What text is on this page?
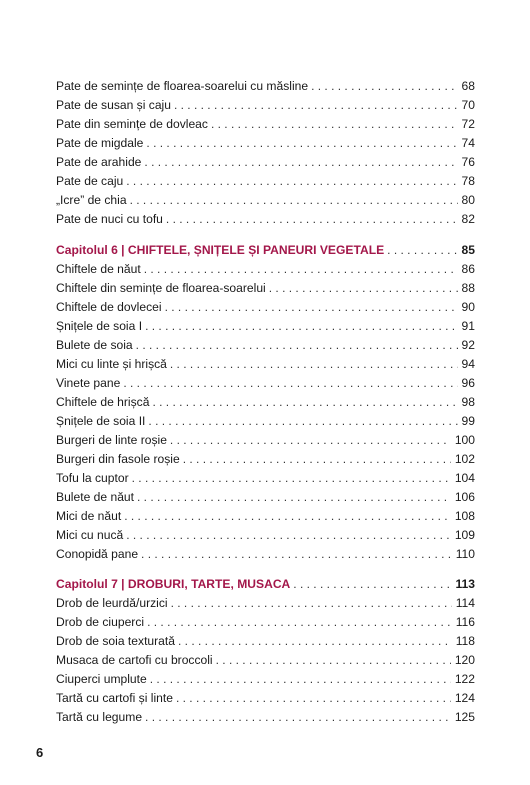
Pate de semințe de floarea-soarelui cu măsline . . .	68
Pate de susan și caju . . .	70
Pate din semințe de dovleac . . .	72
Pate de migdale . . .	74
Pate de arahide . . .	76
Pate de caju . . .	78
„Icre” de chia . . .	80
Pate de nuci cu tofu . . .	82
Capitolul 6 | CHIFTELE, ȘNIȚELE ȘI PANEURI VEGETALE . . .	85
Chiftele de năut . . .	86
Chiftele din semințe de floarea-soarelui . . .	88
Chiftele de dovlecei . . .	90
Șnițele de soia I . . .	91
Bulete de soia . . .	92
Mici cu linte și hrișcă . . .	94
Vinete pane . . .	96
Chiftele de hrișcă . . .	98
Șnițele de soia II . . .	99
Burgeri de linte roșie . . .	100
Burgeri din fasole roșie . . .	102
Tofu la cuptor . . .	104
Bulete de năut . . .	106
Mici de năut . . .	108
Mici cu nucă . . .	109
Conopidă pane . . .	110
Capitolul 7 | DROBURI, TARTE, MUSACA . . .	113
Drob de leurdă/urzici . . .	114
Drob de ciuperci . . .	116
Drob de soia texturată . . .	118
Musaca de cartofi cu broccoli . . .	120
Ciuperci umplute . . .	122
Tartă cu cartofi și linte . . .	124
Tartă cu legume . . .	125
6
